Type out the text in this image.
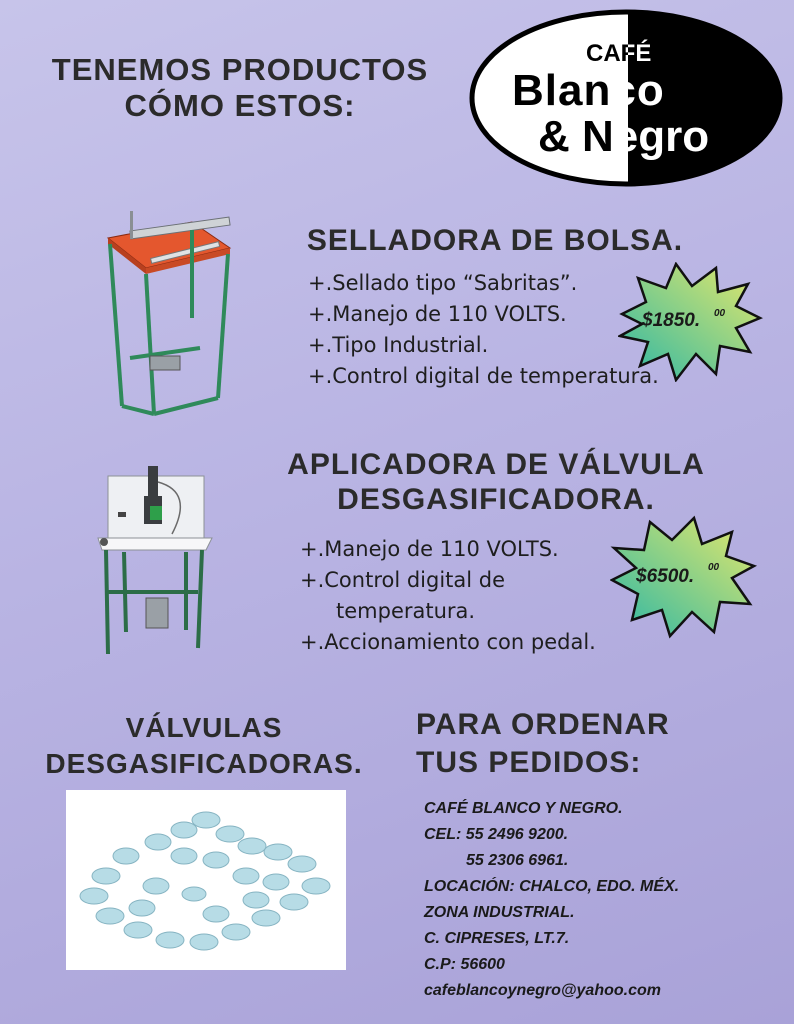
TENEMOS PRODUCTOS
CÓMO ESTOS:
CAFÉ
Blanco
& Negro
SELLADORA DE BOLSA.
+.Sellado tipo “Sabritas”.
+.Manejo de 110 VOLTS.
+.Tipo Industrial.
+.Control digital de temperatura.
$1850. 00
APLICADORA DE VÁLVULA
DESGASIFICADORA.
+.Manejo de 110 VOLTS.
+.Control digital de
temperatura.
+.Accionamiento con pedal.
$6500. 00
VÁLVULAS
DESGASIFICADORAS.
PARA ORDENAR
TUS PEDIDOS:
CAFÉ BLANCO Y NEGRO.
CEL: 55 2496 9200.
55 2306 6961.
LOCACIÓN: CHALCO, EDO. MÉX.
ZONA INDUSTRIAL.
C. CIPRESES, LT.7.
C.P: 56600
cafeblancoynegro@yahoo.com
